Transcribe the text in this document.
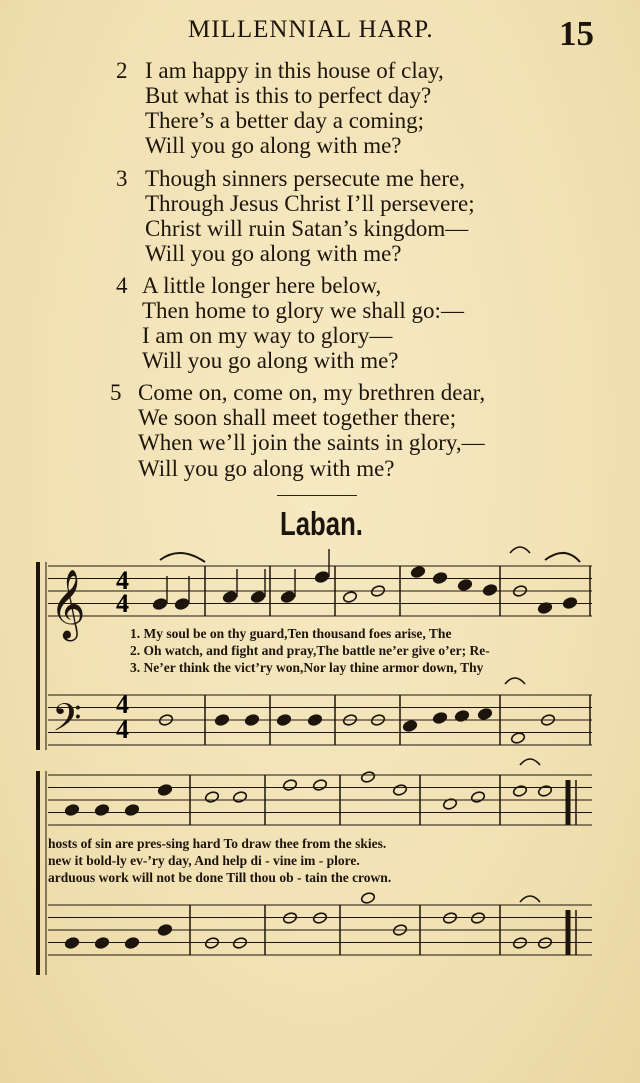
MILLENNIAL HARP.	15
2 I am happy in this house of clay,
But what is this to perfect day?
There’s a better day a coming;
Will you go along with me?
3 Though sinners persecute me here,
Through Jesus Christ I’ll persevere;
Christ will ruin Satan’s kingdom—
Will you go along with me?
4 A little longer here below,
Then home to glory we shall go:—
I am on my way to glory—
Will you go along with me?
5 Come on, come on, my brethren dear,
We soon shall meet together there;
When we’ll join the saints in glory,—
Will you go along with me?
Laban.
𝄞
𝄢
4
4
4
4
1. My soul be on thy guard,Ten thousand foes arise, The
2. Oh watch, and fight and pray,The battle ne’er give o’er; Re-
3. Ne’er think the vict’ry won,Nor lay thine armor down, Thy
hosts of sin are pres-sing hard To draw thee from the skies.
new it bold-ly ev-’ry day, And help di - vine im - plore.
arduous work will not be done Till thou ob - tain the crown.
